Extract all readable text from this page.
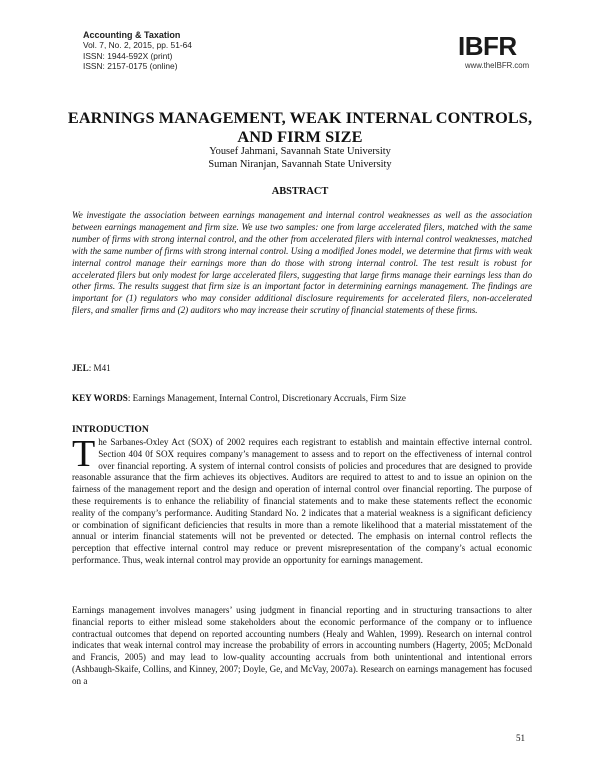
Accounting & Taxation
Vol. 7, No. 2, 2015, pp. 51-64
ISSN: 1944-592X (print)
ISSN: 2157-0175 (online)
IBFR
www.theIBFR.com
EARNINGS MANAGEMENT, WEAK INTERNAL CONTROLS, AND FIRM SIZE
Yousef Jahmani, Savannah State University
Suman Niranjan, Savannah State University
ABSTRACT
We investigate the association between earnings management and internal control weaknesses as well as the association between earnings management and firm size. We use two samples: one from large accelerated filers, matched with the same number of firms with strong internal control, and the other from accelerated filers with internal control weaknesses, matched with the same number of firms with strong internal control. Using a modified Jones model, we determine that firms with weak internal control manage their earnings more than do those with strong internal control. The test result is robust for accelerated filers but only modest for large accelerated filers, suggesting that large firms manage their earnings less than do other firms. The results suggest that firm size is an important factor in determining earnings management. The findings are important for (1) regulators who may consider additional disclosure requirements for accelerated filers, non-accelerated filers, and smaller firms and (2) auditors who may increase their scrutiny of financial statements of these firms.
JEL: M41
KEY WORDS: Earnings Management, Internal Control, Discretionary Accruals, Firm Size
INTRODUCTION
The Sarbanes-Oxley Act (SOX) of 2002 requires each registrant to establish and maintain effective internal control. Section 404 0f SOX requires company’s management to assess and to report on the effectiveness of internal control over financial reporting. A system of internal control consists of policies and procedures that are designed to provide reasonable assurance that the firm achieves its objectives. Auditors are required to attest to and to issue an opinion on the fairness of the management report and the design and operation of internal control over financial reporting. The purpose of these requirements is to enhance the reliability of financial statements and to make these statements reflect the economic reality of the company’s performance. Auditing Standard No. 2 indicates that a material weakness is a significant deficiency or combination of significant deficiencies that results in more than a remote likelihood that a material misstatement of the annual or interim financial statements will not be prevented or detected. The emphasis on internal control reflects the perception that effective internal control may reduce or prevent misrepresentation of the company’s actual economic performance. Thus, weak internal control may provide an opportunity for earnings management.
Earnings management involves managers’ using judgment in financial reporting and in structuring transactions to alter financial reports to either mislead some stakeholders about the economic performance of the company or to influence contractual outcomes that depend on reported accounting numbers (Healy and Wahlen, 1999). Research on internal control indicates that weak internal control may increase the probability of errors in accounting numbers (Hagerty, 2005; McDonald and Francis, 2005) and may lead to low-quality accounting accruals from both unintentional and intentional errors (Ashbaugh-Skaife, Collins, and Kinney, 2007; Doyle, Ge, and McVay, 2007a). Research on earnings management has focused on a
51
